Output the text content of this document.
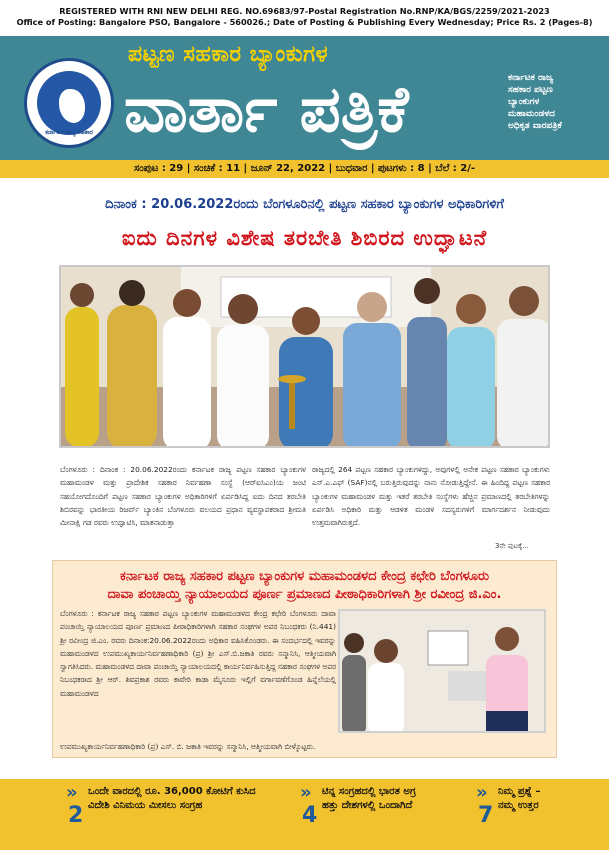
REGISTERED WITH RNI NEW DELHI REG. NO.69683/97-Postal Registration No.RNP/KA/BGS/2259/2021-2023
Office of Posting: Bangalore PSO, Bangalore - 560026.; Date of Posting & Publishing Every Wednesday; Price Rs. 2 (Pages-8)
ಕರ್ನಾಟಕ ರಾಜ್ಯ ಸಹಕಾರ
ಪಟ್ಟಣ ಸಹಕಾರ ಬ್ಯಾಂಕುಗಳ
ವಾರ್ತಾ ಪತ್ರಿಕೆ	ಕರ್ನಾಟಕ ರಾಜ್ಯ
ಸಹಕಾರ ಪಟ್ಟಣ
ಬ್ಯಾಂಕುಗಳ
ಮಹಾಮಂಡಳದ
ಅಧಿಕೃತ ವಾರಪತ್ರಿಕೆ
ಸಂಪುಟ : 29 | ಸಂಚಿಕೆ : 11 | ಜೂನ್ 22, 2022 | ಬುಧವಾರ | ಪುಟಗಳು : 8 | ಬೆಲೆ : 2/-
ದಿನಾಂಕ : 20.06.2022ರಂದು ಬೆಂಗಳೂರಿನಲ್ಲಿ ಪಟ್ಟಣ ಸಹಕಾರ ಬ್ಯಾಂಕುಗಳ ಅಧಿಕಾರಿಗಳಿಗೆ
ಐದು ದಿನಗಳ ವಿಶೇಷ ತರಬೇತಿ ಶಿಬಿರದ ಉದ್ಘಾಟನೆ
ಬೆಂಗಳೂರು : ದಿನಾಂಕ : 20.06.2022ರಂದು ಕರ್ನಾಟಕ ರಾಜ್ಯ ಪಟ್ಟಣ ಸಹಕಾರ ಬ್ಯಾಂಕುಗಳ ಮಹಾಮಂಡಳ ಮತ್ತು ಪ್ರಾದೇಶಿಕ ಸಹಕಾರ ನಿರ್ವಹಣಾ ಸಂಸ್ಥೆ (ಆರ್‌ಐಸಿಎಂ)ಯ ಜಂಟಿ ಸಹಯೋಗದೊಂದಿಗೆ ಪಟ್ಟಣ ಸಹಕಾರ ಬ್ಯಾಂಕುಗಳ ಅಧಿಕಾರಿಗಳಿಗೆ ಏರ್ಪಡಿಸಿದ್ದ ಐದು ದಿನದ ತರಬೇತಿ ಶಿಬಿರವನ್ನು ಭಾರತೀಯ ರಿಜರ್ವ್ ಬ್ಯಾಂಕಿನ ಬೆಂಗಳೂರು ವಲಯದ ಪ್ರಧಾನ ವ್ಯವಸ್ಥಾಪಕರಾದ ಶ್ರೀಮತಿ ಮೀನಾಕ್ಷಿ ಗಡ ರವರು ಉದ್ಘಾಟಿಸಿ, ಮಾತನಾಡುತ್ತಾ
ರಾಜ್ಯದಲ್ಲಿ 264 ಪಟ್ಟಣ ಸಹಕಾರ ಬ್ಯಾಂಕುಗಳಿದ್ದು, ಅವುಗಳಲ್ಲಿ ಅನೇಕ ಪಟ್ಟಣ ಸಹಕಾರ ಬ್ಯಾಂಕುಗಳು ಎಸ್.ಎ.ಎಫ್ (SAF)ನಲ್ಲಿ ಬರುತ್ತಿರುವುದನ್ನು ನಾನು ನೋಡುತ್ತಿದ್ದೇನೆ. ಈ ಹಿಂದಿದ್ದ ಪಟ್ಟಣ ಸಹಕಾರ ಬ್ಯಾಂಕುಗಳ ಮಹಾಮಂಡಳ ಮತ್ತು ಇತರೆ ತರಬೇತಿ ಸಂಸ್ಥೆಗಳು ಹೆಚ್ಚಿನ ಪ್ರಮಾಣದಲ್ಲಿ ತರಬೇತಿಗಳನ್ನು ಏರ್ಪಡಿಸಿ ಅಧಿಕಾರಿ ಮತ್ತು ಆಡಳಿತ ಮಂಡಳಿ ಸದಸ್ಯರುಗಳಿಗೆ ಮಾರ್ಗದರ್ಶನ ನೀಡುವುದು ಉತ್ತಮವಾಗಿರುತ್ತದೆ.
3ನೇ ಪುಟಕ್ಕೆ...
ಕರ್ನಾಟಕ ರಾಜ್ಯ ಸಹಕಾರ ಪಟ್ಟಣ ಬ್ಯಾಂಕುಗಳ ಮಹಾಮಂಡಳದ ಕೇಂದ್ರ ಕಛೇರಿ ಬೆಂಗಳೂರು
ದಾವಾ ಪಂಚಾಯ್ತಿ ನ್ಯಾಯಾಲಯದ ಪೂರ್ಣ ಪ್ರಮಾಣದ ಪೀಠಾಧಿಕಾರಿಗಳಾಗಿ ಶ್ರೀ ರವೀಂದ್ರ ಜಿ.ಎಂ.
ಬೆಂಗಳೂರು : ಕರ್ನಾಟಕ ರಾಜ್ಯ ಸಹಕಾರ ಪಟ್ಟಣ ಬ್ಯಾಂಕುಗಳ ಮಹಾಮಂಡಳದ ಕೇಂದ್ರ ಕಛೇರಿ ಬೆಂಗಳೂರು ದಾವಾ ಪಂಚಾಯ್ತಿ ನ್ಯಾಯಾಲಯದ ಪೂರ್ಣ ಪ್ರಮಾಣದ ಪೀಠಾಧಿಕಾರಿಗಳಾಗಿ ಸಹಕಾರ ಸಂಘಗಳ ಅಪರ ನಿಬಂಧಕರು (ನಿ.441) ಶ್ರೀ ರವೀಂದ್ರ ಜಿ.ಎಂ. ರವರು ದಿನಾಂಕ:20.06.2022ರಂದು ಅಧಿಕಾರ ವಹಿಸಿಕೊಂಡರು. ಈ ಸಂದರ್ಭದಲ್ಲಿ ಇವರನ್ನು ಮಹಾಮಂಡಳದ ಉಪಮುಖ್ಯಕಾರ್ಯನಿರ್ವಹಣಾಧಿಕಾರಿ (ಪ್ರ) ಶ್ರೀ ಎಸ್.ಬಿ.ಜಕಾತಿ ರವರು ಸನ್ಮಾನಿಸಿ, ಆತ್ಮೀಯವಾಗಿ ಸ್ವಾಗತಿಸಿದರು. ಮಹಾಮಂಡಳದ ದಾವಾ ಪಂಚಾಯ್ತಿ ನ್ಯಾಯಾಲಯದಲ್ಲಿ ಕಾರ್ಯನಿರ್ವಹಿಸುತ್ತಿದ್ದ ಸಹಕಾರ ಸಂಘಗಳ ಅಪರ ನಿಬಂಧಕರಾದ ಶ್ರೀ ಆರ್. ಶಿವಪ್ರಕಾಶ ರವರು ಕಾವೇರಿ ಕಾಡಾ ಮೈಸೂರು ಇಲ್ಲಿಗೆ ವರ್ಗಾವಣೆಗೊಂಡ ಹಿನ್ನೆಲೆಯಲ್ಲಿ ಮಹಾಮಂಡಳದ
ಉಪಮುಖ್ಯಕಾರ್ಯನಿರ್ವಹಣಾಧಿಕಾರಿ (ಪ್ರ) ಎಸ್. ಬಿ. ಜಕಾತಿ ಇವರನ್ನು ಸನ್ಮಾನಿಸಿ, ಆತ್ಮೀಯವಾಗಿ ಬೀಳ್ಕೊಟ್ಟರು.
» ಒಂದೇ ವಾರದಲ್ಲಿ ರೂ. 36,000 ಕೋಟಿಗೆ ಕುಸಿದ
ವಿದೇಶಿ ವಿನಿಮಯ ಮೀಸಲು ಸಂಗ್ರಹ
2
» ಟಿನ್ನ ಸಂಗ್ರಹದಲ್ಲಿ ಭಾರತ ಅಗ್ರ
ಹತ್ತು ದೇಶಗಳಲ್ಲಿ ಒಂದಾಗಿದೆ
4
» ನಿಮ್ಮ ಪ್ರಶ್ನೆ –
ನಮ್ಮ ಉತ್ತರ
7
